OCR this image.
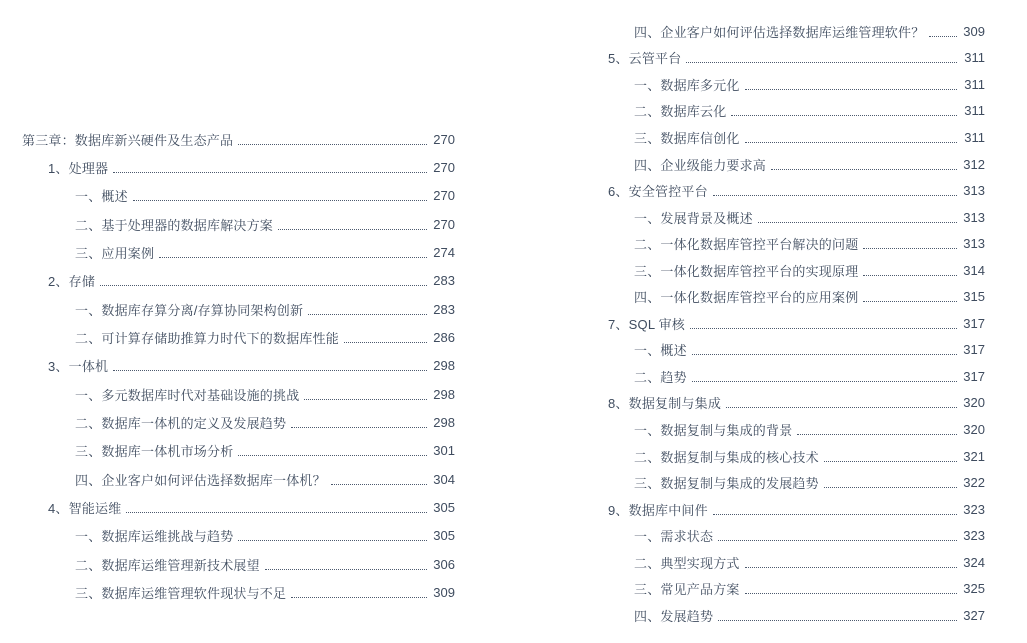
第三章：数据库新兴硬件及生态产品	270
1、处理器	270
一、概述	270
二、基于处理器的数据库解决方案	270
三、应用案例	274
2、存储	283
一、数据库存算分离/存算协同架构创新	283
二、可计算存储助推算力时代下的数据库性能	286
3、一体机	298
一、多元数据库时代对基础设施的挑战	298
二、数据库一体机的定义及发展趋势	298
三、数据库一体机市场分析	301
四、企业客户如何评估选择数据库一体机？	304
4、智能运维	305
一、数据库运维挑战与趋势	305
二、数据库运维管理新技术展望	306
三、数据库运维管理软件现状与不足	309
四、企业客户如何评估选择数据库运维管理软件？	309
5、云管平台	311
一、数据库多元化	311
二、数据库云化	311
三、数据库信创化	311
四、企业级能力要求高	312
6、安全管控平台	313
一、发展背景及概述	313
二、一体化数据库管控平台解决的问题	313
三、一体化数据库管控平台的实现原理	314
四、一体化数据库管控平台的应用案例	315
7、SQL 审核	317
一、概述	317
二、趋势	317
8、数据复制与集成	320
一、数据复制与集成的背景	320
二、数据复制与集成的核心技术	321
三、数据复制与集成的发展趋势	322
9、数据库中间件	323
一、需求状态	323
二、典型实现方式	324
三、常见产品方案	325
四、发展趋势	327
